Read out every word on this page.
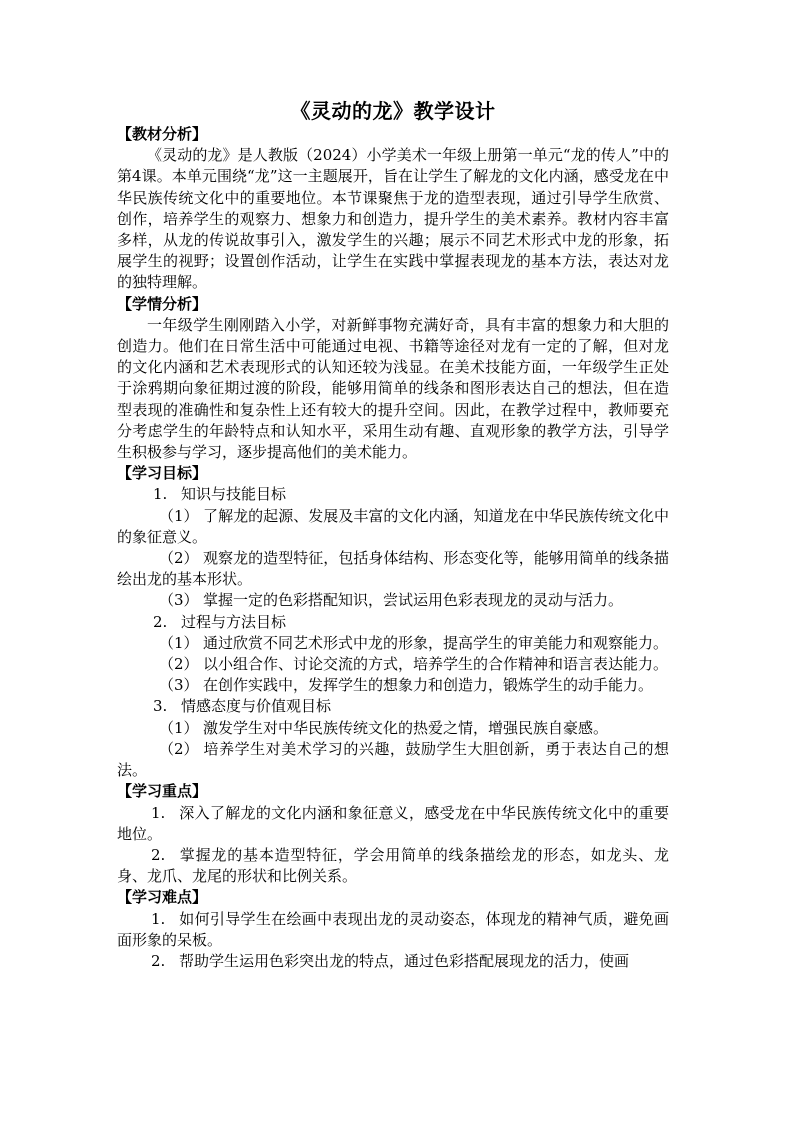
《灵动的龙》教学设计
【教材分析】

《灵动的龙》是人教版（2024）小学美术一年级上册第一单元“龙的传人”中的第4课。本单元围绕“龙”这一主题展开，旨在让学生了解龙的文化内涵，感受龙在中华民族传统文化中的重要地位。本节课聚焦于龙的造型表现，通过引导学生欣赏、创作，培养学生的观察力、想象力和创造力，提升学生的美术素养。教材内容丰富多样，从龙的传说故事引入，激发学生的兴趣；展示不同艺术形式中龙的形象，拓展学生的视野；设置创作活动，让学生在实践中掌握表现龙的基本方法，表达对龙的独特理解。

【学情分析】

一年级学生刚刚踏入小学，对新鲜事物充满好奇，具有丰富的想象力和大胆的创造力。他们在日常生活中可能通过电视、书籍等途径对龙有一定的了解，但对龙的文化内涵和艺术表现形式的认知还较为浅显。在美术技能方面，一年级学生正处于涂鸦期向象征期过渡的阶段，能够用简单的线条和图形表达自己的想法，但在造型表现的准确性和复杂性上还有较大的提升空间。因此，在教学过程中，教师要充分考虑学生的年龄特点和认知水平，采用生动有趣、直观形象的教学方法，引导学生积极参与学习，逐步提高他们的美术能力。

【学习目标】
1. 知识与技能目标

（1） 了解龙的起源、发展及丰富的文化内涵，知道龙在中华民族传统文化中的象征意义。

（2） 观察龙的造型特征，包括身体结构、形态变化等，能够用简单的线条描绘出龙的基本形状。

（3） 掌握一定的色彩搭配知识，尝试运用色彩表现龙的灵动与活力。

2. 过程与方法目标

（1） 通过欣赏不同艺术形式中龙的形象，提高学生的审美能力和观察能力。

（2） 以小组合作、讨论交流的方式，培养学生的合作精神和语言表达能力。

（3） 在创作实践中，发挥学生的想象力和创造力，锻炼学生的动手能力。

3. 情感态度与价值观目标

（1） 激发学生对中华民族传统文化的热爱之情，增强民族自豪感。

（2） 培养学生对美术学习的兴趣，鼓励学生大胆创新，勇于表达自己的想法。

【学习重点】

1. 深入了解龙的文化内涵和象征意义，感受龙在中华民族传统文化中的重要地位。

2. 掌握龙的基本造型特征，学会用简单的线条描绘龙的形态，如龙头、龙身、龙爪、龙尾的形状和比例关系。

【学习难点】

1. 如何引导学生在绘画中表现出龙的灵动姿态，体现龙的精神气质，避免画面形象的呆板。

2. 帮助学生运用色彩突出龙的特点，通过色彩搭配展现龙的活力，使画
